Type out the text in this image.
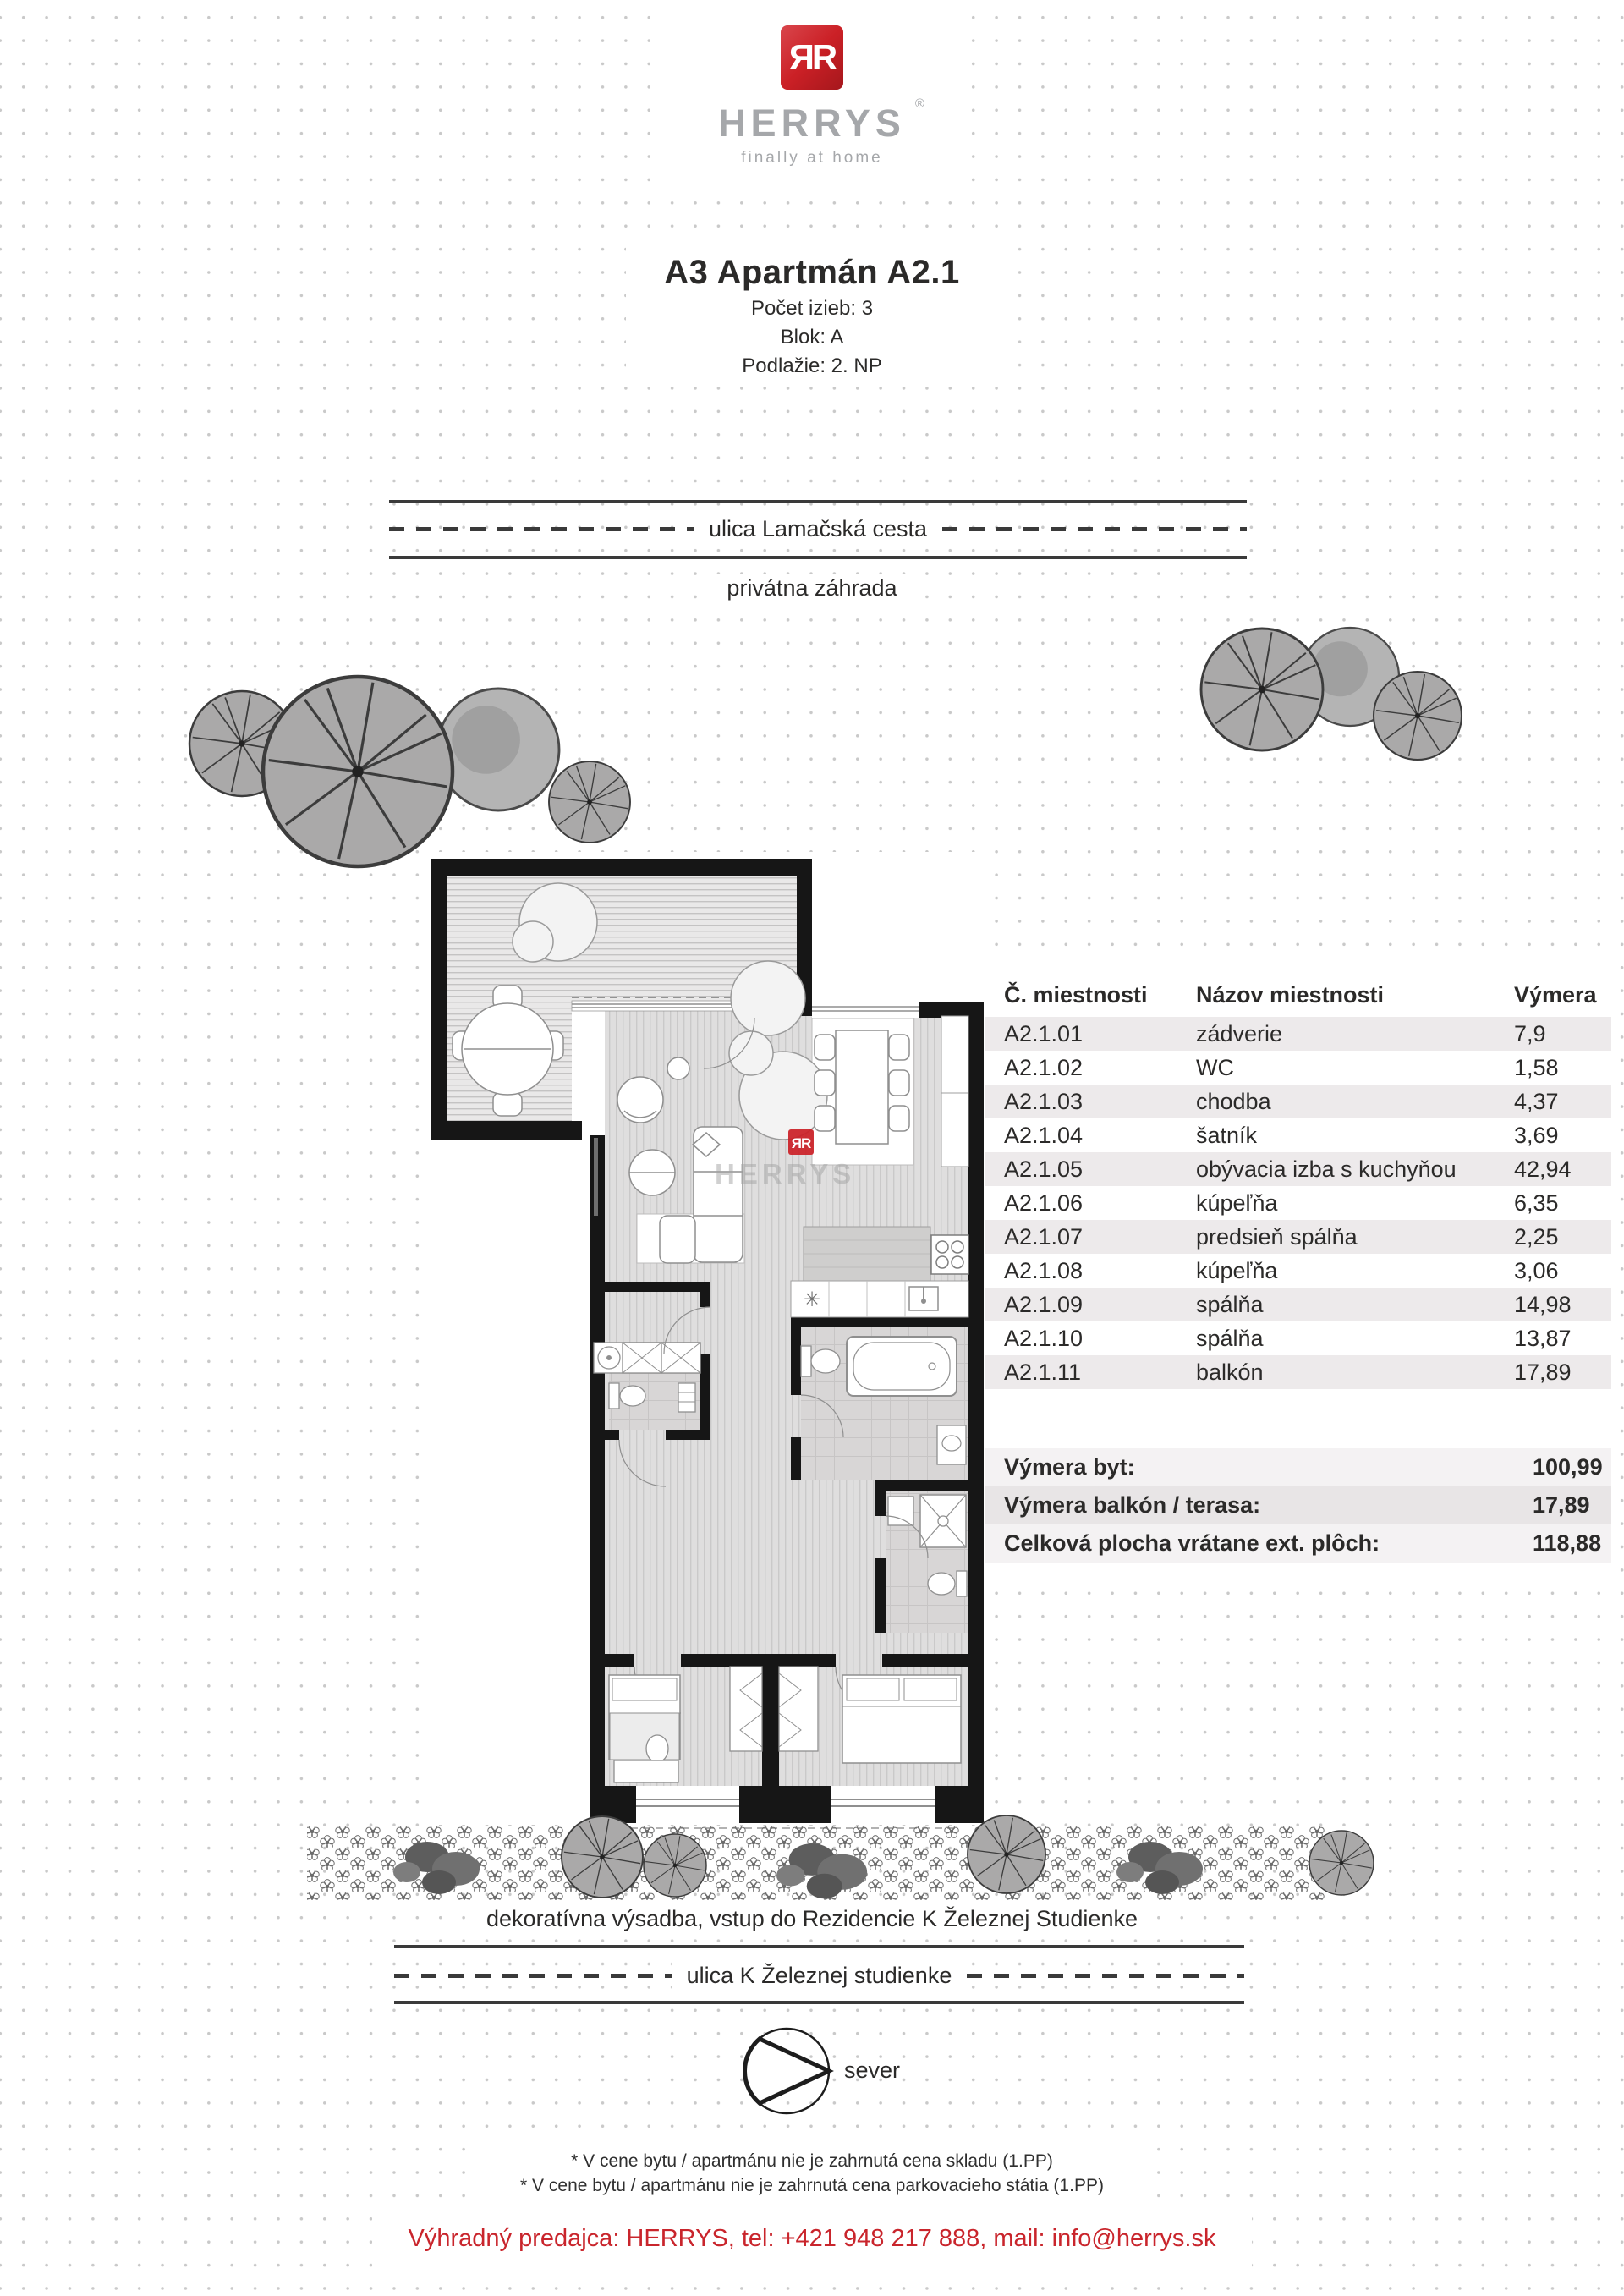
ЯR
HERRYS ®
finally at home
A3 Apartmán A2.1
Počet izieb: 3
Blok: A
Podlažie: 2. NP
ulica Lamačská cesta
privátna záhrada
ЯR
HERRYS
✳
Č. miestnosti	Názov miestnosti	Výmera
A2.1.01	zádverie	7,9
A2.1.02	WC	1,58
A2.1.03	chodba	4,37
A2.1.04	šatník	3,69
A2.1.05	obývacia izba s kuchyňou	42,94
A2.1.06	kúpeľňa	6,35
A2.1.07	predsieň spálňa	2,25
A2.1.08	kúpeľňa	3,06
A2.1.09	spálňa	14,98
A2.1.10	spálňa	13,87
A2.1.11	balkón	17,89
Výmera byt:	100,99
Výmera balkón / terasa:	17,89
Celková plocha vrátane ext. plôch:	118,88
dekoratívna výsadba, vstup do Rezidencie K Železnej Studienke
ulica K Železnej studienke
sever
* V cene bytu / apartmánu nie je zahrnutá cena skladu (1.PP)
* V cene bytu / apartmánu nie je zahrnutá cena parkovacieho státia (1.PP)
Výhradný predajca: HERRYS, tel: +421 948 217 888, mail: info@herrys.sk
